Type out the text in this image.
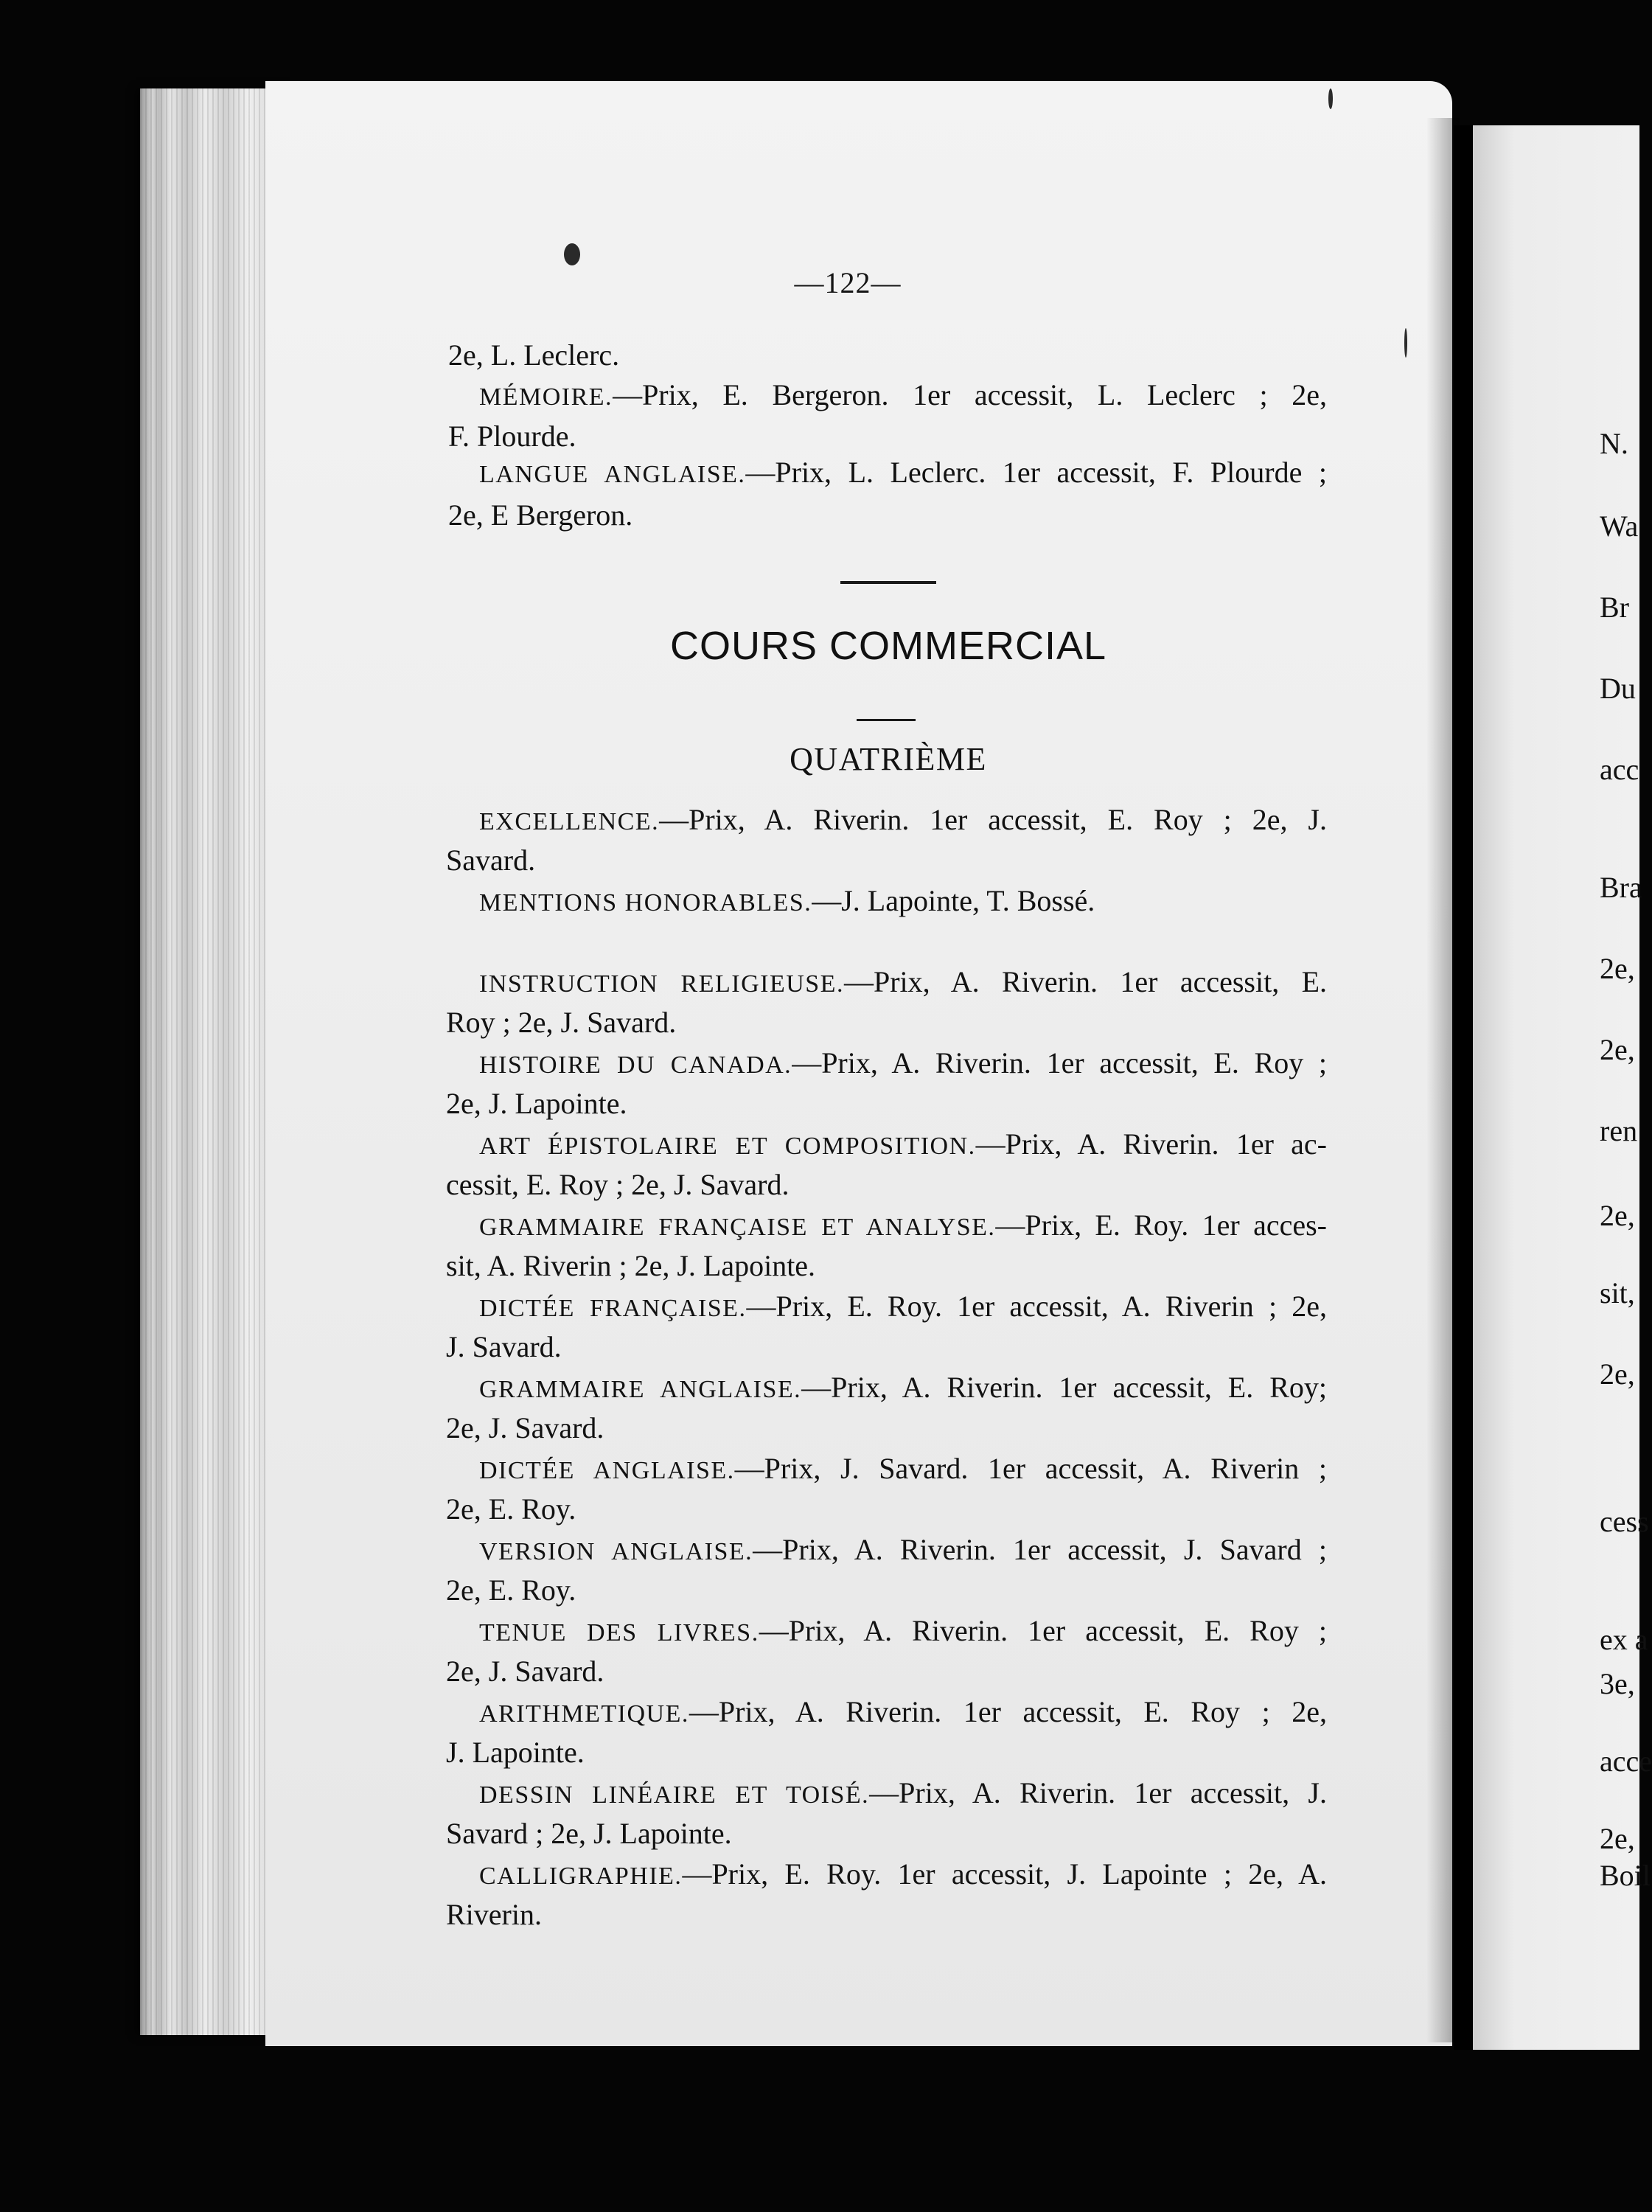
—122—
2e, L. Leclerc.
MÉMOIRE.—Prix, E. Bergeron. 1er accessit, L. Leclerc ; 2e,
F. Plourde.
LANGUE ANGLAISE.—Prix, L. Leclerc. 1er accessit, F. Plourde ;
2e, E Bergeron.
COURS COMMERCIAL
QUATRIÈME
EXCELLENCE.—Prix, A. Riverin. 1er accessit, E. Roy ; 2e, J.
Savard.
MENTIONS HONORABLES.—J. Lapointe, T. Bossé.
INSTRUCTION RELIGIEUSE.—Prix, A. Riverin. 1er accessit, E.
Roy ; 2e, J. Savard.
HISTOIRE DU CANADA.—Prix, A. Riverin. 1er accessit, E. Roy ;
2e, J. Lapointe.
ART ÉPISTOLAIRE ET COMPOSITION.—Prix, A. Riverin. 1er ac-
cessit, E. Roy ; 2e, J. Savard.
GRAMMAIRE FRANÇAISE ET ANALYSE.—Prix, E. Roy. 1er acces-
sit, A. Riverin ; 2e, J. Lapointe.
DICTÉE FRANÇAISE.—Prix, E. Roy. 1er accessit, A. Riverin ; 2e,
J. Savard.
GRAMMAIRE ANGLAISE.—Prix, A. Riverin. 1er accessit, E. Roy;
2e, J. Savard.
DICTÉE ANGLAISE.—Prix, J. Savard. 1er accessit, A. Riverin ;
2e, E. Roy.
VERSION ANGLAISE.—Prix, A. Riverin. 1er accessit, J. Savard ;
2e, E. Roy.
TENUE DES LIVRES.—Prix, A. Riverin. 1er accessit, E. Roy ;
2e, J. Savard.
ARITHMETIQUE.—Prix, A. Riverin. 1er accessit, E. Roy ; 2e,
J. Lapointe.
DESSIN LINÉAIRE ET TOISÉ.—Prix, A. Riverin. 1er accessit, J.
Savard ; 2e, J. Lapointe.
CALLIGRAPHIE.—Prix, E. Roy. 1er accessit, J. Lapointe ; 2e, A.
Riverin.
N.
Wa
Br
Du
acc
Bra
2e,
2e,
ren
2e,
sit,
2e,
cess
ex a
3e,
acce
2e,
Boil
